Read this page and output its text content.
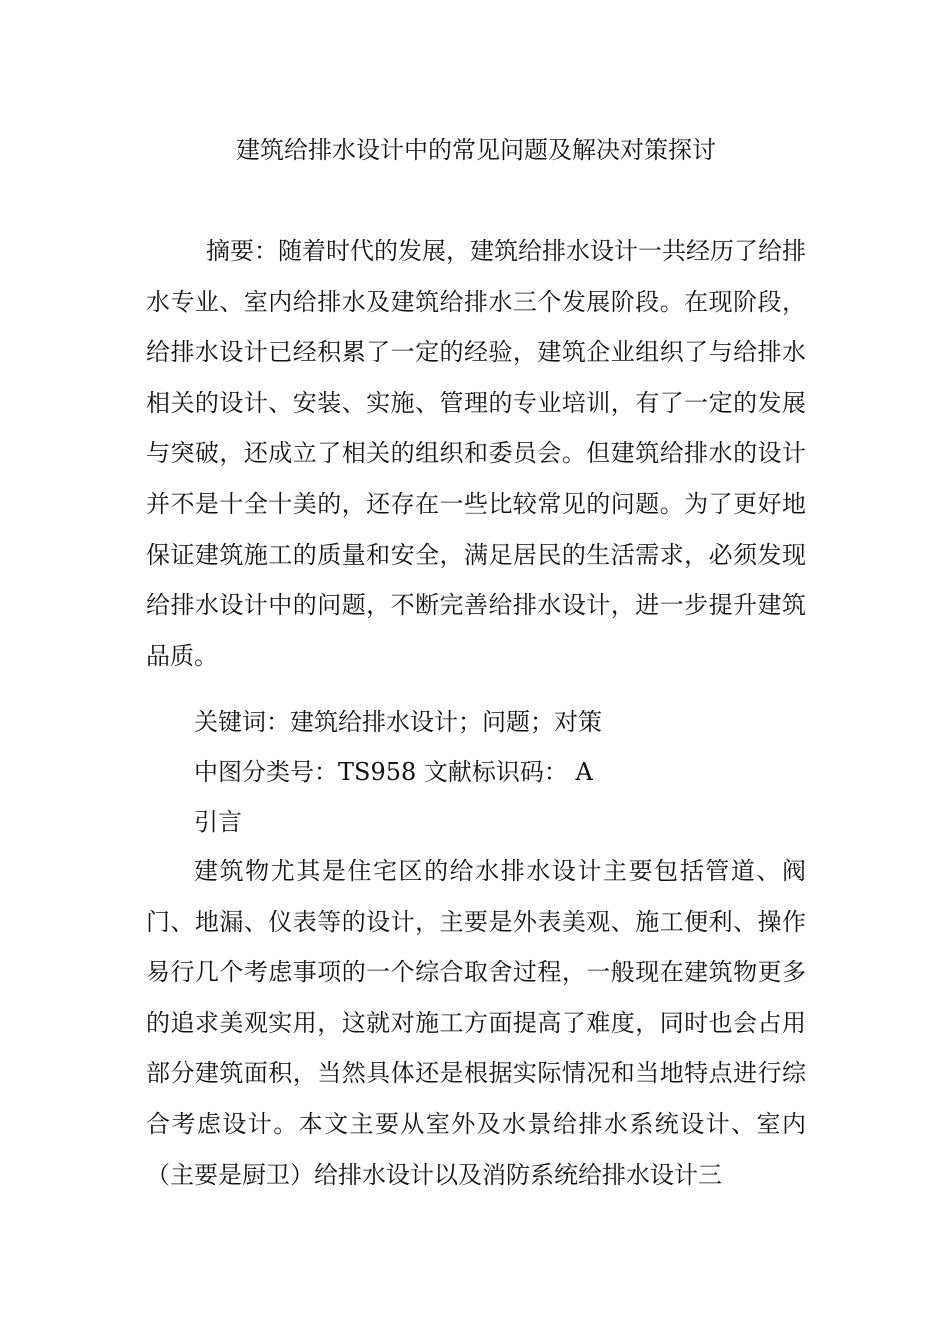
建筑给排水设计中的常见问题及解决对策探讨

摘要：随着时代的发展，建筑给排水设计一共经历了给排水专业、室内给排水及建筑给排水三个发展阶段。在现阶段，给排水设计已经积累了一定的经验，建筑企业组织了与给排水相关的设计、安装、实施、管理的专业培训，有了一定的发展与突破，还成立了相关的组织和委员会。但建筑给排水的设计并不是十全十美的，还存在一些比较常见的问题。为了更好地保证建筑施工的质量和安全，满足居民的生活需求，必须发现给排水设计中的问题，不断完善给排水设计，进一步提升建筑品质。

关键词：建筑给排水设计；问题；对策

中图分类号：TS958 文献标识码： A

引言

建筑物尤其是住宅区的给水排水设计主要包括管道、阀门、地漏、仪表等的设计，主要是外表美观、施工便利、操作易行几个考虑事项的一个综合取舍过程，一般现在建筑物更多的追求美观实用，这就对施工方面提高了难度，同时也会占用部分建筑面积，当然具体还是根据实际情况和当地特点进行综合考虑设计。本文主要从室外及水景给排水系统设计、室内（主要是厨卫）给排水设计以及消防系统给排水设计三
